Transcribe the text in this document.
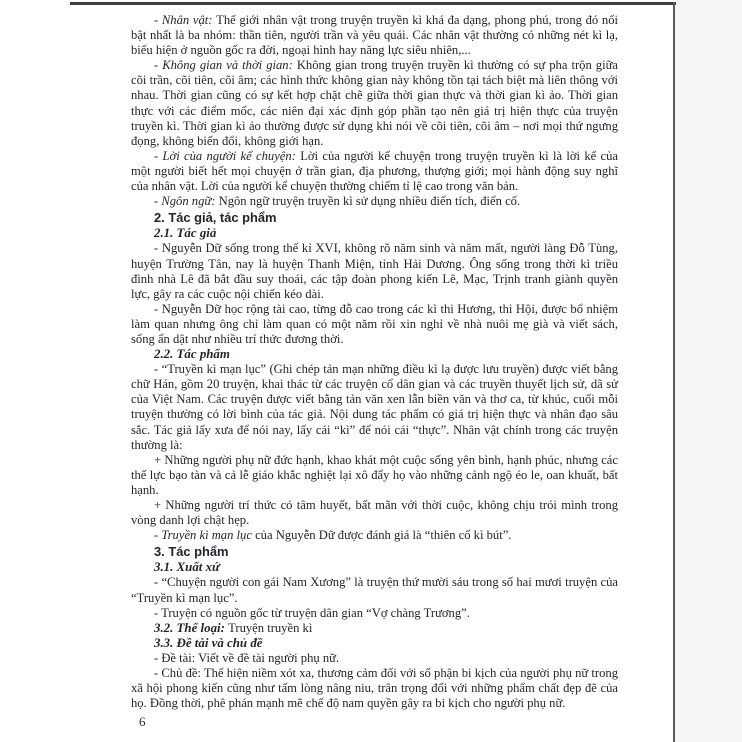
- Nhân vật: Thế giới nhân vật trong truyện truyền kì khá đa dạng, phong phú, trong đó nổi bật nhất là ba nhóm: thần tiên, người trần và yêu quái. Các nhân vật thường có những nét kì lạ, biểu hiện ở nguồn gốc ra đời, ngoại hình hay năng lực siêu nhiên,...

- Không gian và thời gian: Không gian trong truyện truyền kì thường có sự pha trộn giữa cõi trần, cõi tiên, cõi âm; các hình thức không gian này không tồn tại tách biệt mà liên thông với nhau. Thời gian cũng có sự kết hợp chặt chẽ giữa thời gian thực và thời gian kì ảo. Thời gian thực với các điểm mốc, các niên đại xác định góp phần tạo nên giá trị hiện thực của truyện truyền kì. Thời gian kì ảo thường được sử dụng khi nói về cõi tiên, cõi âm – nơi mọi thứ ngưng đọng, không biến đổi, không giới hạn.

- Lời của người kể chuyện: Lời của người kể chuyện trong truyện truyền kì là lời kể của một người biết hết mọi chuyện ở trần gian, địa phương, thượng giới; mọi hành động suy nghĩ của nhân vật. Lời của người kể chuyện thường chiếm tỉ lệ cao trong văn bản.

- Ngôn ngữ: Ngôn ngữ truyện truyền kì sử dụng nhiều điển tích, điển cố.

2. Tác giả, tác phẩm

2.1. Tác giả

- Nguyễn Dữ sống trong thế kỉ XVI, không rõ năm sinh và năm mất, người làng Đỗ Tùng, huyện Trường Tân, nay là huyện Thanh Miện, tỉnh Hải Dương. Ông sống trong thời kì triều đình nhà Lê đã bắt đầu suy thoái, các tập đoàn phong kiến Lê, Mạc, Trịnh tranh giành quyền lực, gây ra các cuộc nội chiến kéo dài.

- Nguyễn Dữ học rộng tài cao, từng đỗ cao trong các kì thi Hương, thi Hội, được bổ nhiệm làm quan nhưng ông chỉ làm quan có một năm rồi xin nghỉ về nhà nuôi mẹ già và viết sách, sống ẩn dật như nhiều trí thức đương thời.

2.2. Tác phẩm

- “Truyền kì mạn lục” (Ghi chép tản mạn những điều kì lạ được lưu truyền) được viết bằng chữ Hán, gồm 20 truyện, khai thác từ các truyện cổ dân gian và các truyền thuyết lịch sử, dã sử của Việt Nam. Các truyện được viết bằng tản văn xen lẫn biền văn và thơ ca, từ khúc, cuối mỗi truyện thường có lời bình của tác giả. Nội dung tác phẩm có giá trị hiện thực và nhân đạo sâu sắc. Tác giả lấy xưa để nói nay, lấy cái “kì” để nói cái “thực”. Nhân vật chính trong các truyện thường là:

+ Những người phụ nữ đức hạnh, khao khát một cuộc sống yên bình, hạnh phúc, nhưng các thế lực bạo tàn và cả lễ giáo khắc nghiệt lại xô đẩy họ vào những cảnh ngộ éo le, oan khuất, bất hạnh.

+ Những người trí thức có tâm huyết, bất mãn với thời cuộc, không chịu trói mình trong vòng danh lợi chật hẹp.

- Truyền kì mạn lục của Nguyễn Dữ được đánh giá là “thiên cổ kì bút”.

3. Tác phẩm

3.1. Xuất xứ

- “Chuyện người con gái Nam Xương” là truyện thứ mười sáu trong số hai mươi truyện của “Truyền kì mạn lục”.

- Truyện có nguồn gốc từ truyện dân gian “Vợ chàng Trương”.

3.2. Thể loại: Truyện truyền kì

3.3. Đề tài và chủ đề

- Đề tài: Viết về đề tài người phụ nữ.

- Chủ đề: Thể hiện niềm xót xa, thương cảm đối với số phận bi kịch của người phụ nữ trong xã hội phong kiến cũng như tấm lòng nâng niu, trân trọng đối với những phẩm chất đẹp đẽ của họ. Đồng thời, phê phán mạnh mẽ chế độ nam quyền gây ra bi kịch cho người phụ nữ.

6
